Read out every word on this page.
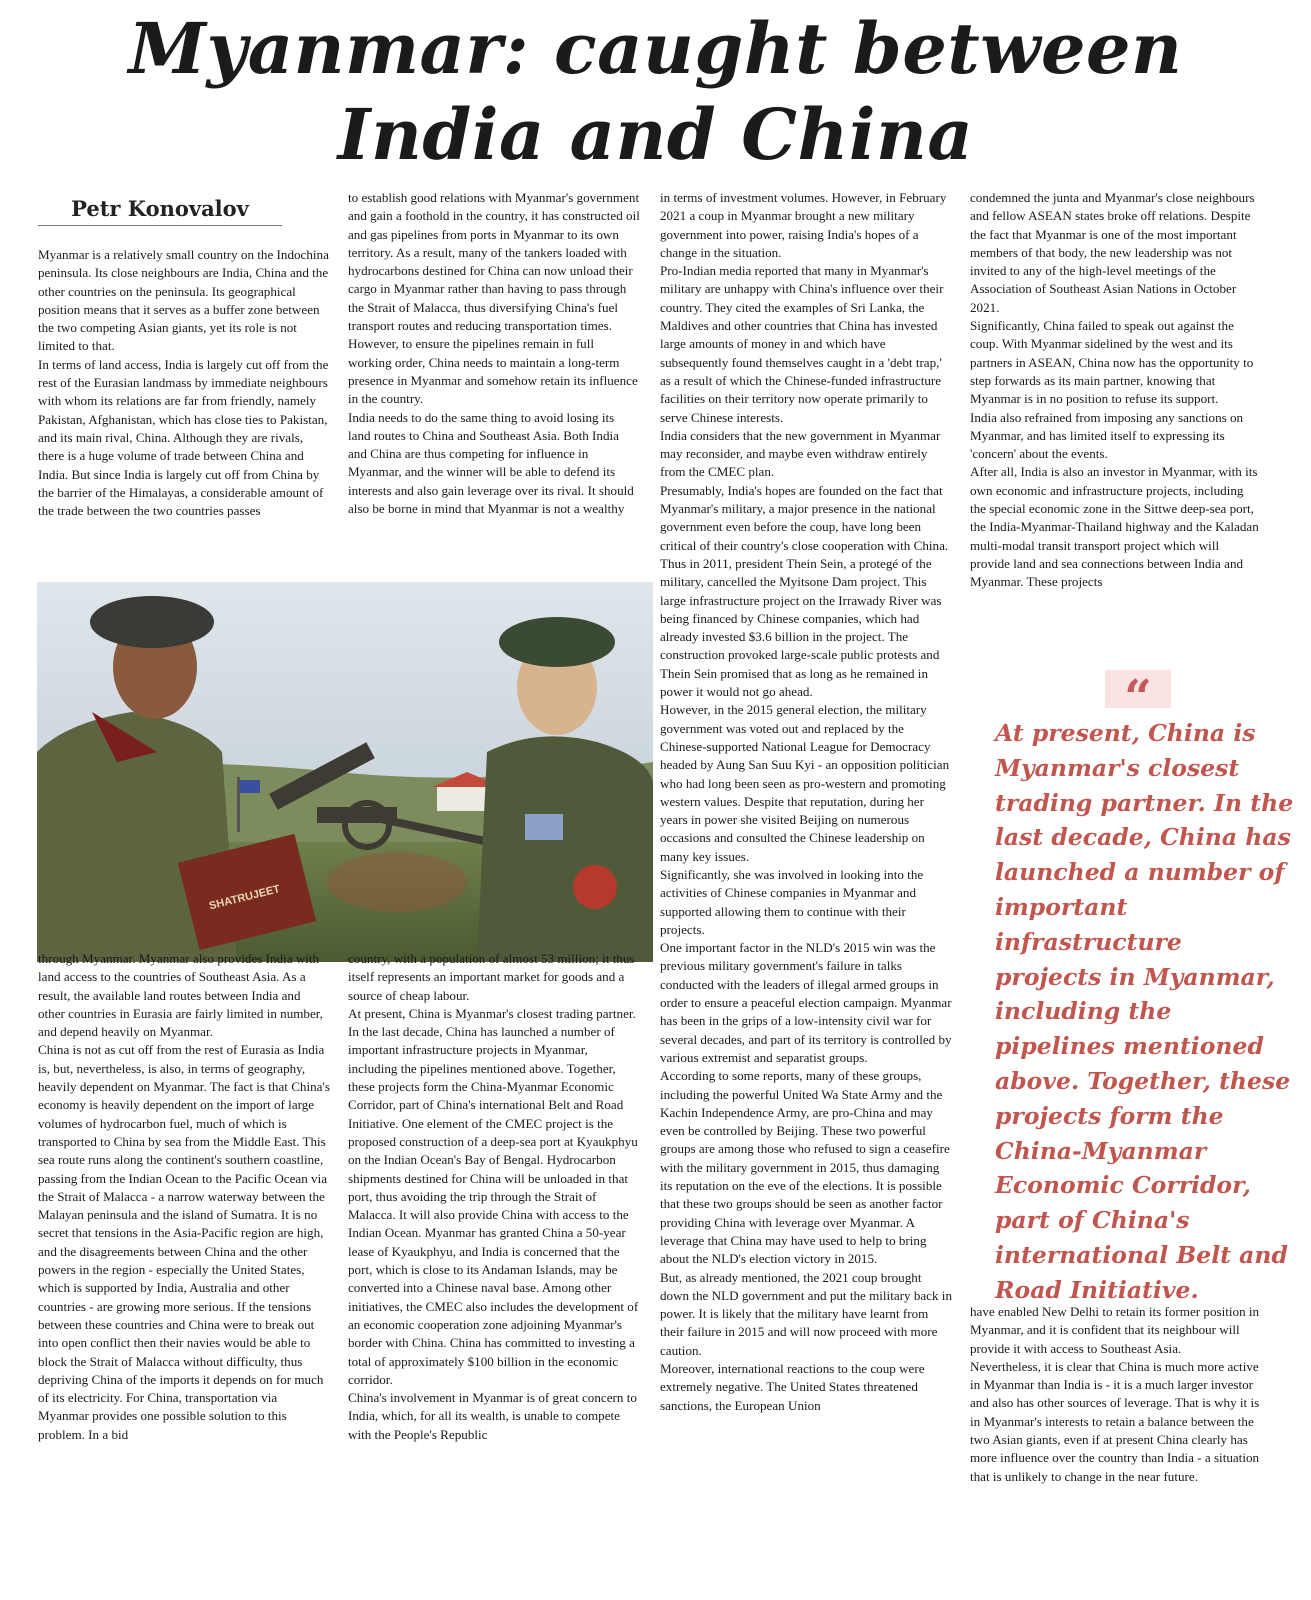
Myanmar: caught between
India and China
Petr Konovalov

Myanmar is a relatively small country on the Indochina peninsula. Its close neighbours are India, China and the other countries on the peninsula. Its geographical position means that it serves as a buffer zone between the two competing Asian giants, yet its role is not limited to that.

In terms of land access, India is largely cut off from the rest of the Eurasian landmass by immediate neighbours with whom its relations are far from friendly, namely Pakistan, Afghanistan, which has close ties to Pakistan, and its main rival, China. Although they are rivals, there is a huge volume of trade between China and India. But since India is largely cut off from China by the barrier of the Himalayas, a considerable amount of the trade between the two countries passes

to establish good relations with Myanmar's government and gain a foothold in the country, it has constructed oil and gas pipelines from ports in Myanmar to its own territory. As a result, many of the tankers loaded with hydrocarbons destined for China can now unload their cargo in Myanmar rather than having to pass through the Strait of Malacca, thus diversifying China's fuel transport routes and reducing transportation times. However, to ensure the pipelines remain in full working order, China needs to maintain a long-term presence in Myanmar and somehow retain its influence in the country.

India needs to do the same thing to avoid losing its land routes to China and Southeast Asia. Both India and China are thus competing for influence in Myanmar, and the winner will be able to defend its interests and also gain leverage over its rival. It should also be borne in mind that Myanmar is not a wealthy

SHATRUJEET

through Myanmar. Myanmar also provides India with land access to the countries of Southeast Asia. As a result, the available land routes between India and other countries in Eurasia are fairly limited in number, and depend heavily on Myanmar.

China is not as cut off from the rest of Eurasia as India is, but, nevertheless, is also, in terms of geography, heavily dependent on Myanmar. The fact is that China's economy is heavily dependent on the import of large volumes of hydrocarbon fuel, much of which is transported to China by sea from the Middle East. This sea route runs along the continent's southern coastline, passing from the Indian Ocean to the Pacific Ocean via the Strait of Malacca - a narrow waterway between the Malayan peninsula and the island of Sumatra. It is no secret that tensions in the Asia-Pacific region are high, and the disagreements between China and the other powers in the region - especially the United States, which is supported by India, Australia and other countries - are growing more serious. If the tensions between these countries and China were to break out into open conflict then their navies would be able to block the Strait of Malacca without difficulty, thus depriving China of the imports it depends on for much of its electricity. For China, transportation via Myanmar provides one possible solution to this problem. In a bid

country, with a population of almost 53 million; it thus itself represents an important market for goods and a source of cheap labour.

At present, China is Myanmar's closest trading partner. In the last decade, China has launched a number of important infrastructure projects in Myanmar, including the pipelines mentioned above. Together, these projects form the China-Myanmar Economic Corridor, part of China's international Belt and Road Initiative. One element of the CMEC project is the proposed construction of a deep-sea port at Kyaukphyu on the Indian Ocean's Bay of Bengal. Hydrocarbon shipments destined for China will be unloaded in that port, thus avoiding the trip through the Strait of Malacca. It will also provide China with access to the Indian Ocean. Myanmar has granted China a 50-year lease of Kyaukphyu, and India is concerned that the port, which is close to its Andaman Islands, may be converted into a Chinese naval base. Among other initiatives, the CMEC also includes the development of an economic cooperation zone adjoining Myanmar's border with China. China has committed to investing a total of approximately $100 billion in the economic corridor.

China's involvement in Myanmar is of great concern to India, which, for all its wealth, is unable to compete with the People's Republic

in terms of investment volumes. However, in February 2021 a coup in Myanmar brought a new military government into power, raising India's hopes of a change in the situation.

Pro-Indian media reported that many in Myanmar's military are unhappy with China's influence over their country. They cited the examples of Sri Lanka, the Maldives and other countries that China has invested large amounts of money in and which have subsequently found themselves caught in a 'debt trap,' as a result of which the Chinese-funded infrastructure facilities on their territory now operate primarily to serve Chinese interests.

India considers that the new government in Myanmar may reconsider, and maybe even withdraw entirely from the CMEC plan.

Presumably, India's hopes are founded on the fact that Myanmar's military, a major presence in the national government even before the coup, have long been critical of their country's close cooperation with China. Thus in 2011, president Thein Sein, a protegé of the military, cancelled the Myitsone Dam project. This large infrastructure project on the Irrawady River was being financed by Chinese companies, which had already invested $3.6 billion in the project. The construction provoked large-scale public protests and Thein Sein promised that as long as he remained in power it would not go ahead.

However, in the 2015 general election, the military government was voted out and replaced by the Chinese-supported National League for Democracy headed by Aung San Suu Kyi - an opposition politician who had long been seen as pro-western and promoting western values. Despite that reputation, during her years in power she visited Beijing on numerous occasions and consulted the Chinese leadership on many key issues.

Significantly, she was involved in looking into the activities of Chinese companies in Myanmar and supported allowing them to continue with their projects.

One important factor in the NLD's 2015 win was the previous military government's failure in talks conducted with the leaders of illegal armed groups in order to ensure a peaceful election campaign. Myanmar has been in the grips of a low-intensity civil war for several decades, and part of its territory is controlled by various extremist and separatist groups.

According to some reports, many of these groups, including the powerful United Wa State Army and the Kachin Independence Army, are pro-China and may even be controlled by Beijing. These two powerful groups are among those who refused to sign a ceasefire with the military government in 2015, thus damaging its reputation on the eve of the elections. It is possible that these two groups should be seen as another factor providing China with leverage over Myanmar. A leverage that China may have used to help to bring about the NLD's election victory in 2015.

But, as already mentioned, the 2021 coup brought down the NLD government and put the military back in power. It is likely that the military have learnt from their failure in 2015 and will now proceed with more caution.

Moreover, international reactions to the coup were extremely negative. The United States threatened sanctions, the European Union

condemned the junta and Myanmar's close neighbours and fellow ASEAN states broke off relations. Despite the fact that Myanmar is one of the most important members of that body, the new leadership was not invited to any of the high-level meetings of the Association of Southeast Asian Nations in October 2021.

Significantly, China failed to speak out against the coup. With Myanmar sidelined by the west and its partners in ASEAN, China now has the opportunity to step forwards as its main partner, knowing that Myanmar is in no position to refuse its support.

India also refrained from imposing any sanctions on Myanmar, and has limited itself to expressing its 'concern' about the events.

After all, India is also an investor in Myanmar, with its own economic and infrastructure projects, including the special economic zone in the Sittwe deep-sea port, the India-Myanmar-Thailand highway and the Kaladan multi-modal transit transport project which will provide land and sea connections between India and Myanmar. These projects

“

At present, China is Myanmar's closest trading partner. In the last decade, China has launched a number of important infrastructure projects in Myanmar, including the pipelines mentioned above. Together, these projects form the China-Myanmar Economic Corridor, part of China's international Belt and Road Initiative.

have enabled New Delhi to retain its former position in Myanmar, and it is confident that its neighbour will provide it with access to Southeast Asia.

Nevertheless, it is clear that China is much more active in Myanmar than India is - it is a much larger investor and also has other sources of leverage. That is why it is in Myanmar's interests to retain a balance between the two Asian giants, even if at present China clearly has more influence over the country than India - a situation that is unlikely to change in the near future.
